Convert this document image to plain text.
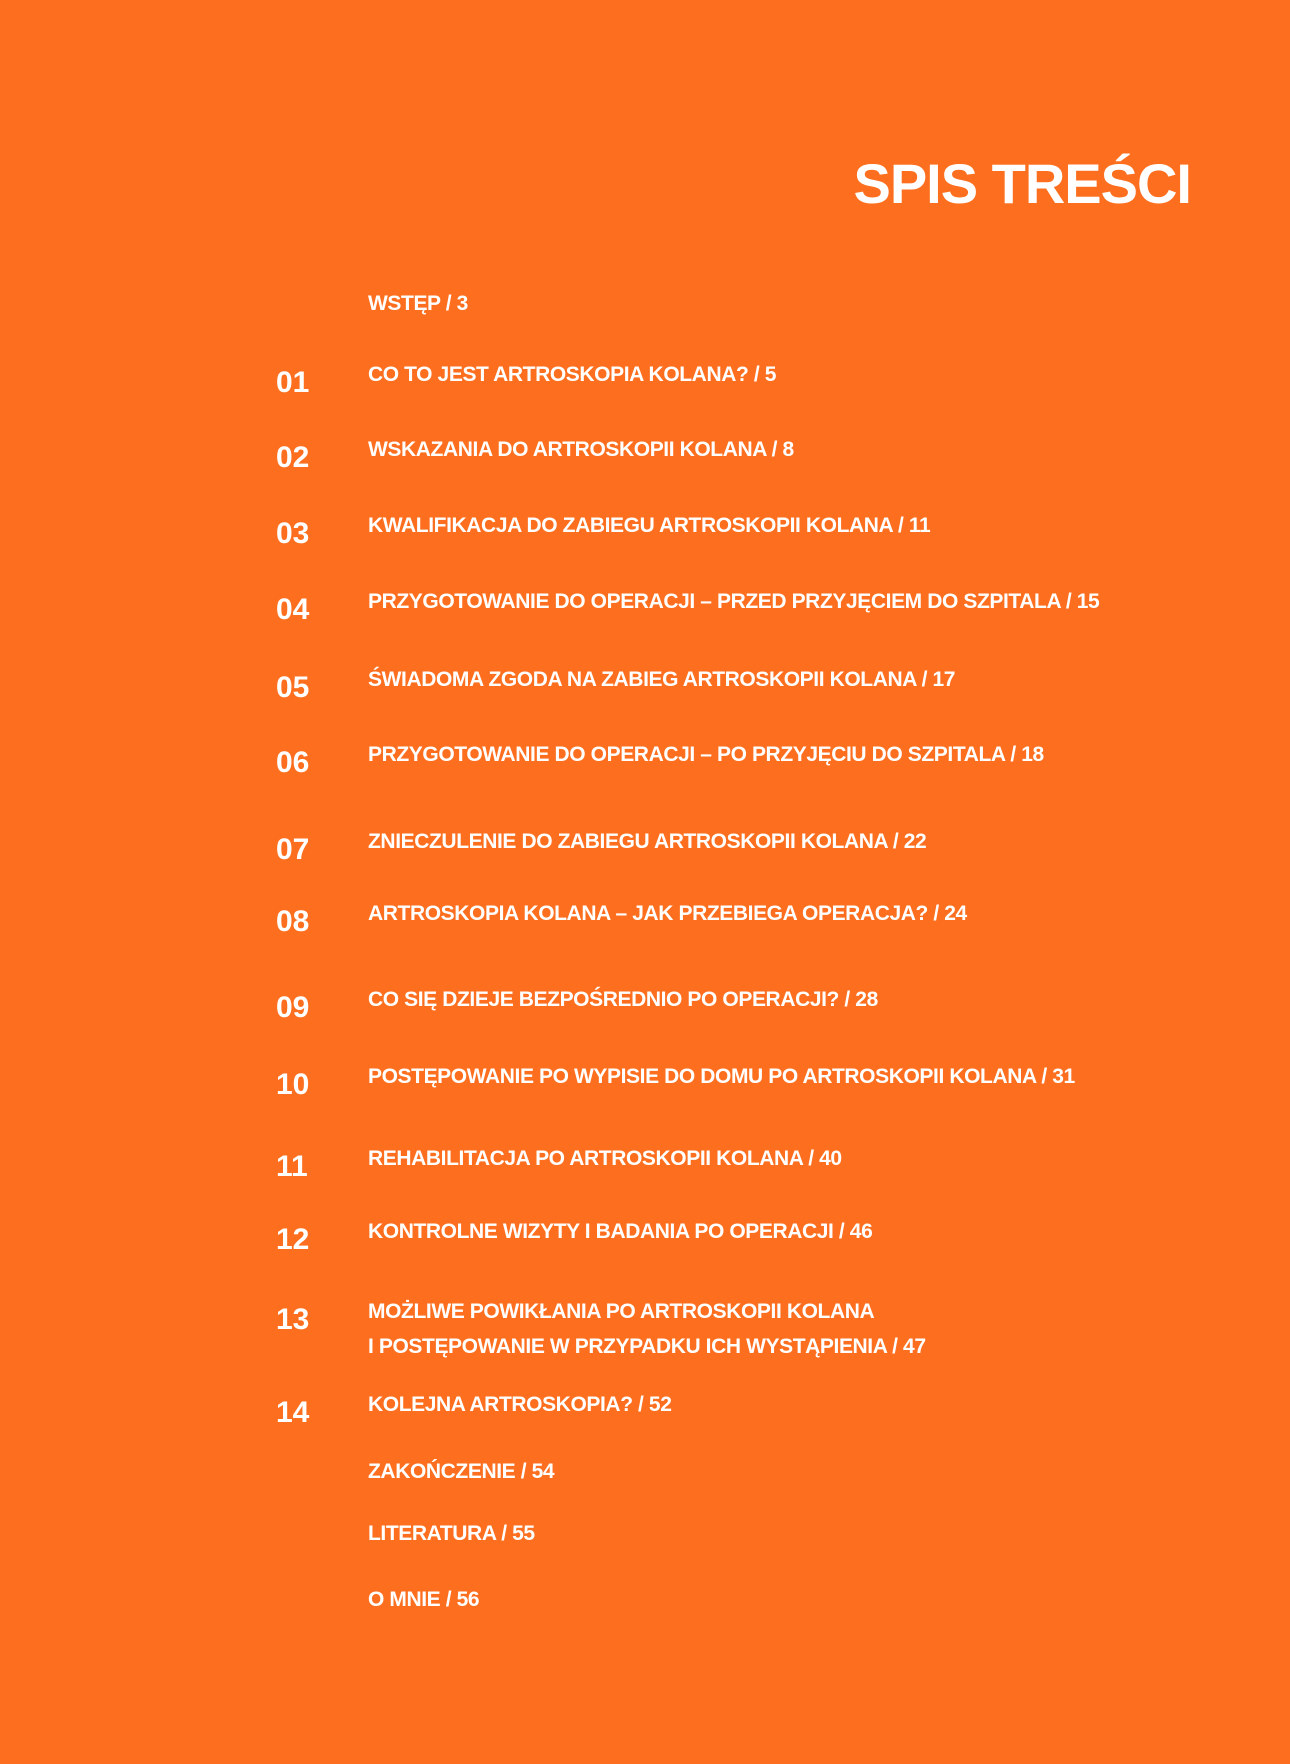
SPIS TREŚCI
WSTĘP / 3
01	CO TO JEST ARTROSKOPIA KOLANA? / 5
02	WSKAZANIA DO ARTROSKOPII KOLANA / 8
03	KWALIFIKACJA DO ZABIEGU ARTROSKOPII KOLANA / 11
04	PRZYGOTOWANIE DO OPERACJI – PRZED PRZYJĘCIEM DO SZPITALA / 15
05	ŚWIADOMA ZGODA NA ZABIEG ARTROSKOPII KOLANA / 17
06	PRZYGOTOWANIE DO OPERACJI – PO PRZYJĘCIU DO SZPITALA / 18
07	ZNIECZULENIE DO ZABIEGU ARTROSKOPII KOLANA / 22
08	ARTROSKOPIA KOLANA – JAK PRZEBIEGA OPERACJA? / 24
09	CO SIĘ DZIEJE BEZPOŚREDNIO PO OPERACJI? / 28
10	POSTĘPOWANIE PO WYPISIE DO DOMU PO ARTROSKOPII KOLANA / 31
11	REHABILITACJA PO ARTROSKOPII KOLANA / 40
12	KONTROLNE WIZYTY I BADANIA PO OPERACJI / 46
13	MOŻLIWE POWIKŁANIA PO ARTROSKOPII KOLANA
I POSTĘPOWANIE W PRZYPADKU ICH WYSTĄPIENIA / 47
14	KOLEJNA ARTROSKOPIA? / 52
ZAKOŃCZENIE / 54
LITERATURA / 55
O MNIE / 56
